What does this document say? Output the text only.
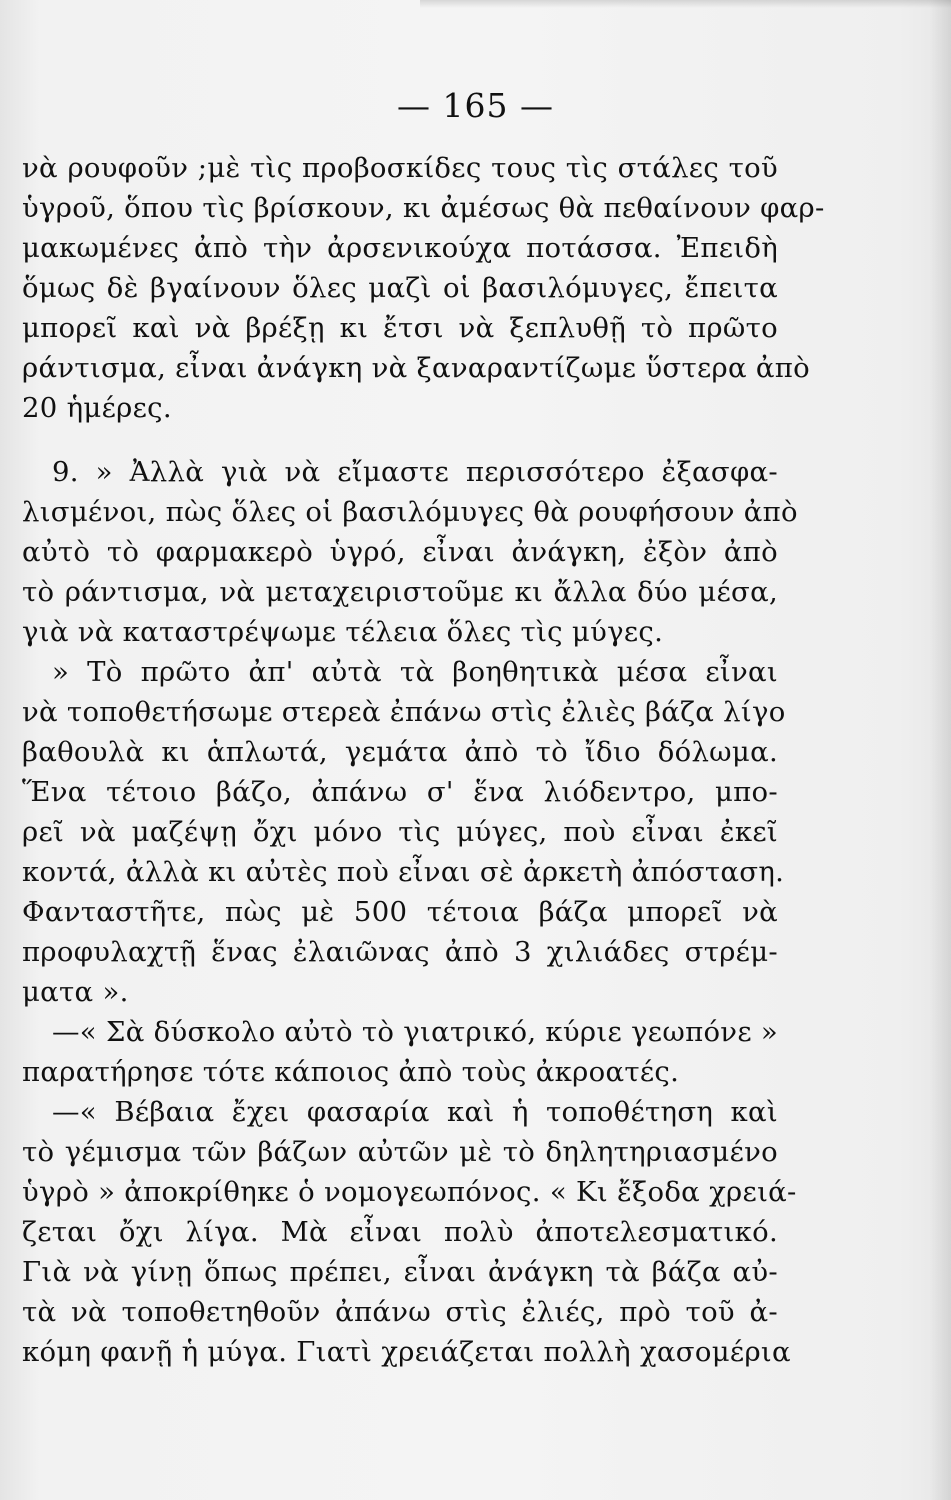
— 165 —
νὰ ρουφοῦν ;μὲ τὶς προβοσκίδες τους τὶς στάλες τοῦ
ὑγροῦ, ὅπου τὶς βρίσκουν, κι ἀμέσως θὰ πεθαίνουν φαρ-
μακωμένες ἀπὸ τὴν ἀρσενικούχα ποτάσσα. Ἐπειδὴ
ὅμως δὲ βγαίνουν ὅλες μαζὶ οἱ βασιλόμυγες, ἔπειτα
μπορεῖ καὶ νὰ βρέξῃ κι ἔτσι νὰ ξεπλυθῇ τὸ πρῶτο
ράντισμα, εἶναι ἀνάγκη νὰ ξαναραντίζωμε ὕστερα ἀπὸ
20 ἡμέρες.
9. » Ἀλλὰ γιὰ νὰ εἴμαστε περισσότερο ἐξασφα-
λισμένοι, πὼς ὅλες οἱ βασιλόμυγες θὰ ρουφήσουν ἀπὸ
αὐτὸ τὸ φαρμακερὸ ὑγρό, εἶναι ἀνάγκη, ἐξὸν ἀπὸ
τὸ ράντισμα, νὰ μεταχειριστοῦμε κι ἄλλα δύο μέσα,
γιὰ νὰ καταστρέψωμε τέλεια ὅλες τὶς μύγες.
» Τὸ πρῶτο ἀπ' αὐτὰ τὰ βοηθητικὰ μέσα εἶναι
νὰ τοποθετήσωμε στερεὰ ἐπάνω στὶς ἐλιὲς βάζα λίγο
βαθουλὰ κι ἁπλωτά, γεμάτα ἀπὸ τὸ ἴδιο δόλωμα.
Ἕνα τέτοιο βάζο, ἀπάνω σ' ἕνα λιόδεντρο, μπο-
ρεῖ νὰ μαζέψῃ ὄχι μόνο τὶς μύγες, ποὺ εἶναι ἐκεῖ
κοντά, ἀλλὰ κι αὐτὲς ποὺ εἶναι σὲ ἀρκετὴ ἀπόσταση.
Φανταστῆτε, πὼς μὲ 500 τέτοια βάζα μπορεῖ νὰ
προφυλαχτῇ ἕνας ἐλαιῶνας ἀπὸ 3 χιλιάδες στρέμ-
ματα ».
—« Σὰ δύσκολο αὐτὸ τὸ γιατρικό, κύριε γεωπόνε »
παρατήρησε τότε κάποιος ἀπὸ τοὺς ἀκροατές.
—« Βέβαια ἔχει φασαρία καὶ ἡ τοποθέτηση καὶ
τὸ γέμισμα τῶν βάζων αὐτῶν μὲ τὸ δηλητηριασμένο
ὑγρὸ » ἀποκρίθηκε ὁ νομογεωπόνος. « Κι ἔξοδα χρειά-
ζεται ὄχι λίγα. Μὰ εἶναι πολὺ ἀποτελεσματικό.
Γιὰ νὰ γίνῃ ὅπως πρέπει, εἶναι ἀνάγκη τὰ βάζα αὐ-
τὰ νὰ τοποθετηθοῦν ἀπάνω στὶς ἐλιές, πρὸ τοῦ ἀ-
κόμη φανῇ ἡ μύγα. Γιατὶ χρειάζεται πολλὴ χασομέρια
